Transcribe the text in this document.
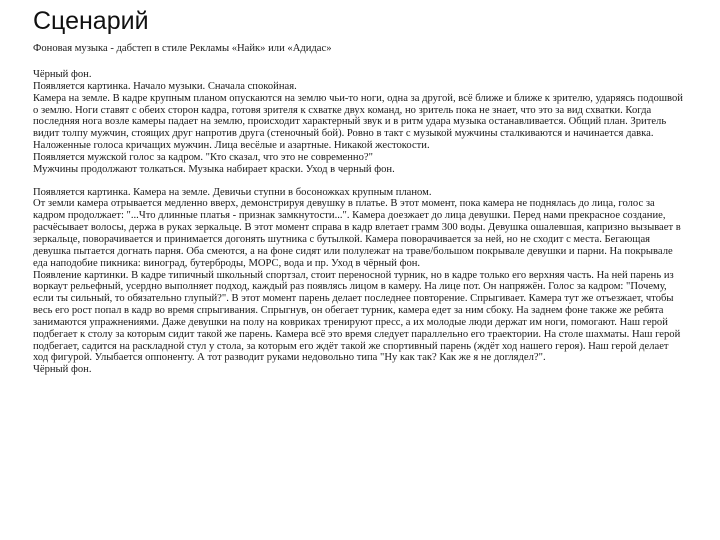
Сценарий
Фоновая музыка - дабстеп в стиле Рекламы «Найк» или «Адидас»

Чёрный фон.

Появляется картинка. Начало музыки. Сначала спокойная.

Камера на земле. В кадре крупным планом опускаются на землю чьи-то ноги, одна за другой, всё ближе и ближе к зрителю, ударяясь подошвой о землю. Ноги ставят с обеих сторон кадра, готовя зрителя к схватке двух команд, но зритель пока не знает, что это за вид схватки. Когда последняя нога возле камеры падает на землю, происходит характерный звук и в ритм удара музыка останавливается. Общий план. Зритель видит толпу мужчин, стоящих друг напротив друга (стеночный бой). Ровно в такт с музыкой мужчины сталкиваются и начинается давка. Наложенные голоса кричащих мужчин. Лица весёлые и азартные. Никакой жестокости.

Появляется мужской голос за кадром. "Кто сказал, что это не современно?"

Мужчины продолжают толкаться. Музыка набирает краски. Уход в черный фон.

Появляется картинка. Камера на земле. Девичьи ступни в босоножках крупным планом.

От земли камера отрывается медленно вверх, демонстрируя девушку в платье. В этот момент, пока камера не поднялась до лица, голос за кадром продолжает: "...Что длинные платья - признак замкнутости...". Камера доезжает до лица девушки. Перед нами прекрасное создание, расчёсывает волосы, держа в руках зеркальце. В этот момент справа в кадр влетает грамм 300 воды. Девушка ошалевшая, капризно вызывает в зеркальце, поворачивается и принимается догонять шутника с бутылкой. Камера поворачивается за ней, но не сходит с места. Бегающая девушка пытается догнать парня. Оба смеются, а на фоне сидят или полулежат на траве/большом покрывале девушки и парни. На покрывале еда наподобие пикника: виноград, бутерброды, МОРС, вода и пр. Уход в чёрный фон.

Появление картинки. В кадре типичный школьный спортзал, стоит переносной турник, но в кадре только его верхняя часть. На ней парень из воркаут рельефный, усердно выполняет подход, каждый раз появлясь лицом в камеру. На лице пот. Он напряжён. Голос за кадром: "Почему, если ты сильный, то обязательно глупый?". В этот момент парень делает последнее повторение. Спрыгивает. Камера тут же отъезжает, чтобы весь его рост попал в кадр во время спрыгивания. Спрыгнув, он обегает турник, камера едет за ним сбоку. На заднем фоне также же ребята занимаются упражнениями. Даже девушки на полу на ковриках тренируют пресс, а их молодые люди держат им ноги, помогают. Наш герой подбегает к столу за которым сидит такой же парень. Камера всё это время следует параллельно его траектории. На столе шахматы. Наш герой подбегает, садится на раскладной стул у стола, за которым его ждёт такой же спортивный парень (ждёт ход нашего героя). Наш герой делает ход фигурой. Улыбается оппоненту. А тот разводит руками недовольно типа "Ну как так? Как же я не доглядел?".

Чёрный фон.
